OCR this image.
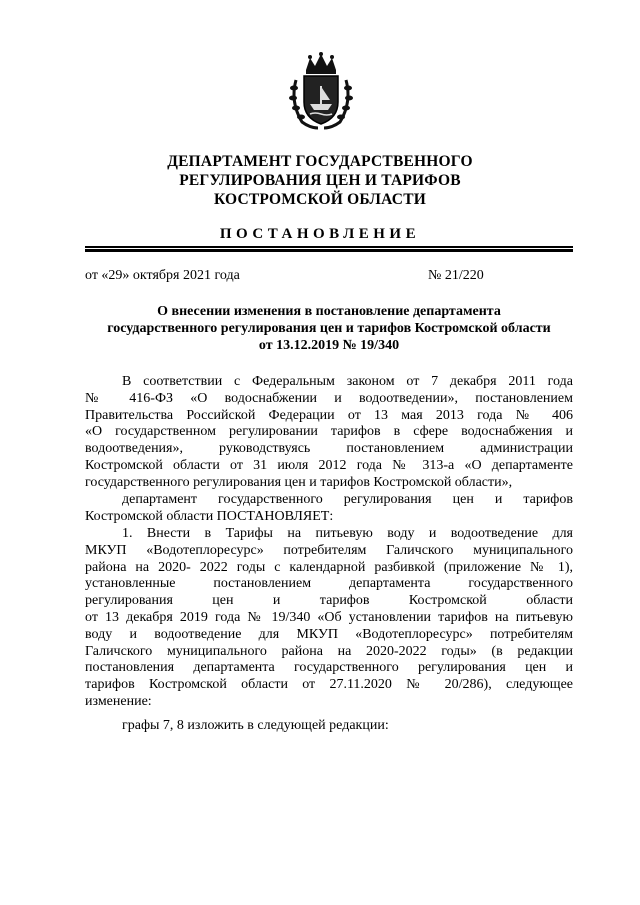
ДЕПАРТАМЕНТ ГОСУДАРСТВЕННОГО
РЕГУЛИРОВАНИЯ ЦЕН И ТАРИФОВ
КОСТРОМСКОЙ ОБЛАСТИ
ПОСТАНОВЛЕНИЕ
от «29» октября 2021 года	№ 21/220
О внесении изменения в постановление департамента
государственного регулирования цен и тарифов Костромской области
от 13.12.2019 № 19/340
В соответствии с Федеральным законом от 7 декабря 2011 года
№ 416-ФЗ «О водоснабжении и водоотведении», постановлением
Правительства Российской Федерации от 13 мая 2013 года № 406
«О государственном регулировании тарифов в сфере водоснабжения и
водоотведения», руководствуясь постановлением администрации
Костромской области от 31 июля 2012 года № 313-а «О департаменте
государственного регулирования цен и тарифов Костромской области»,
департамент государственного регулирования цен и тарифов
Костромской области ПОСТАНОВЛЯЕТ:
1. Внести в Тарифы на питьевую воду и водоотведение для
МКУП «Водотеплоресурс» потребителям Галичского муниципального
района на 2020- 2022 годы с календарной разбивкой (приложение № 1),
установленные постановлением департамента государственного
регулирования цен и тарифов Костромской области
от 13 декабря 2019 года № 19/340 «Об установлении тарифов на питьевую
воду и водоотведение для МКУП «Водотеплоресурс» потребителям
Галичского муниципального района на 2020-2022 годы» (в редакции
постановления департамента государственного регулирования цен и
тарифов Костромской области от 27.11.2020 № 20/286), следующее
изменение:
графы 7, 8 изложить в следующей редакции:
